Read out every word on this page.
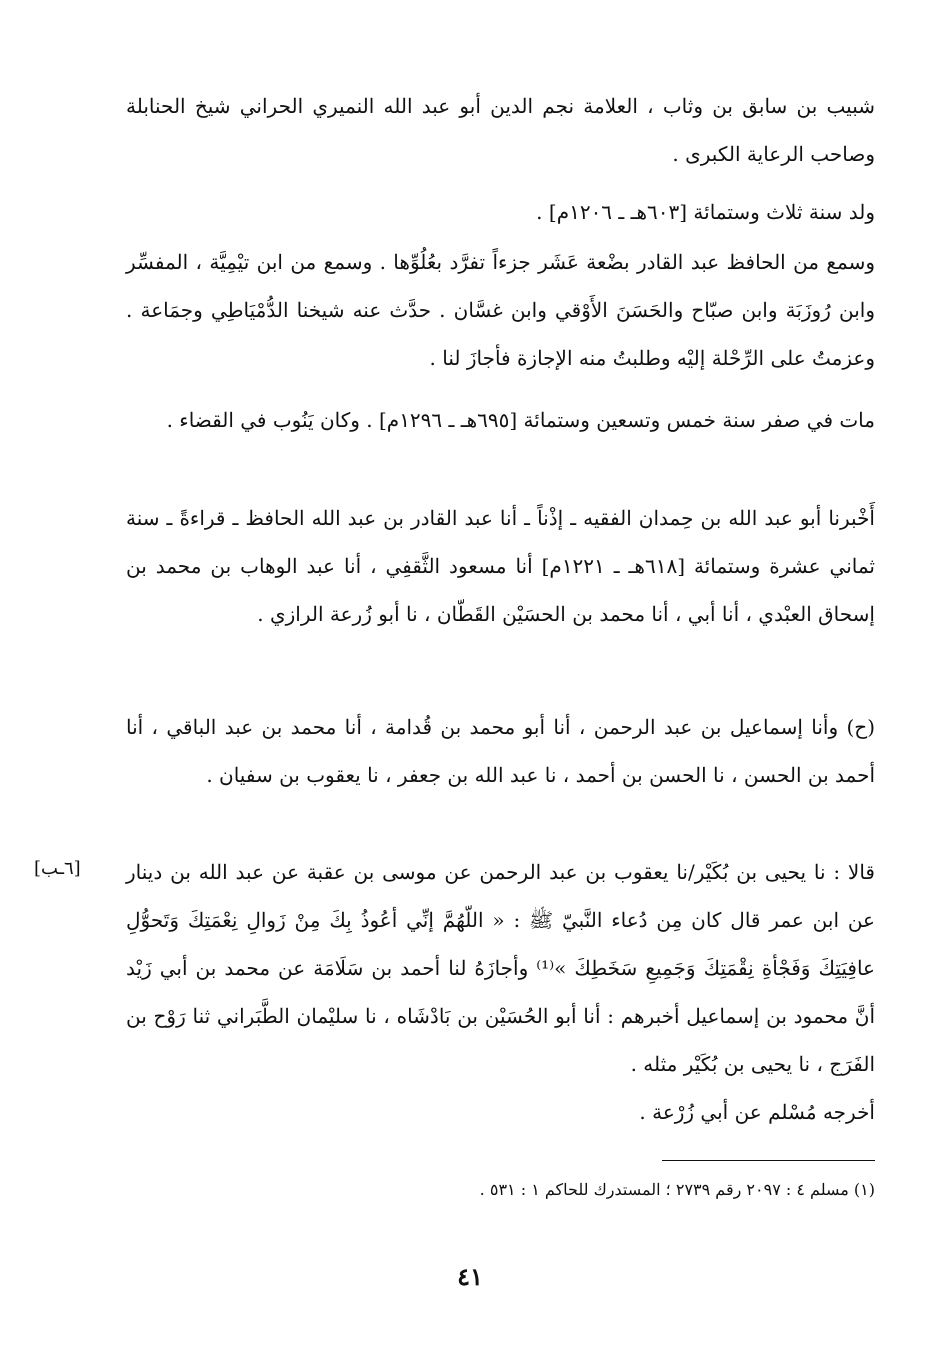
شبيب بن سابق بن وثاب ، العلامة نجم الدين أبو عبد الله النميري الحراني شيخ الحنابلة وصاحب الرعاية الكبرى .

ولد سنة ثلاث وستمائة [٦٠٣هـ ـ ١٢٠٦م] .

وسمع من الحافظ عبد القادر بضْعة عَشَر جزءاً تفرَّد بعُلُوِّها . وسمع من ابن تيْمِيَّة ، المفسِّر وابن رُوزَبَة وابن صبّاح والحَسَنَ الأَوْقي وابن غسَّان . حدَّث عنه شيخنا الدُّمْيَاطِي وجمَاعة . وعزمتُ على الرِّحْلة إليْه وطلبتُ منه الإجازة فأجازَ لنا .

مات في صفر سنة خمس وتسعين وستمائة [٦٩٥هـ ـ ١٢٩٦م] . وكان يَنُوب في القضاء .

أَخْبرنا أبو عبد الله بن حِمدان الفقيه ـ إذْناً ـ أنا عبد القادر بن عبد الله الحافظ ـ قراءةً ـ سنة ثماني عشرة وستمائة [٦١٨هـ ـ ١٢٢١م] أنا مسعود الثَّقفِي ، أنا عبد الوهاب بن محمد بن إسحاق العبْدي ، أنا أبي ، أنا محمد بن الحسَيْن القَطّان ، نا أبو زُرعة الرازي .

(ح) وأنا إسماعيل بن عبد الرحمن ، أنا أبو محمد بن قُدامة ، أنا محمد بن عبد الباقي ، أنا أحمد بن الحسن ، نا الحسن بن أحمد ، نا عبد الله بن جعفر ، نا يعقوب بن سفيان .

قالا : نا يحيى بن بُكَيْر/نا يعقوب بن عبد الرحمن عن موسى بن عقبة عن عبد الله بن دينار عن ابن عمر قال كان مِن دُعاء النَّبيّ ﷺ : « اللّهُمَّ إنِّي أعُوذُ بِكَ مِنْ زَوالِ نِعْمَتِكَ وَتَحوُّلِ عافِيَتِكَ وَفَجْأةِ نِقْمَتِكَ وَجَمِيعِ سَخَطِكَ »⁽¹⁾ وأجازَهُ لنا أحمد بن سَلَامَة عن محمد بن أبي زَيْد أنَّ محمود بن إسماعيل أخبرهم : أنا أبو الحُسَيْن بن بَادْشَاه ، نا سليْمان الطَّبَراني ثنا رَوْح بن الفَرَج ، نا يحيى بن بُكَيْر مثله .

أخرجه مُسْلم عن أبي زُرْعة .

[٦ـب]
(١) مسلم ٤ : ٢٠٩٧ رقم ٢٧٣٩ ؛ المستدرك للحاكم ١ : ٥٣١ .
٤١
